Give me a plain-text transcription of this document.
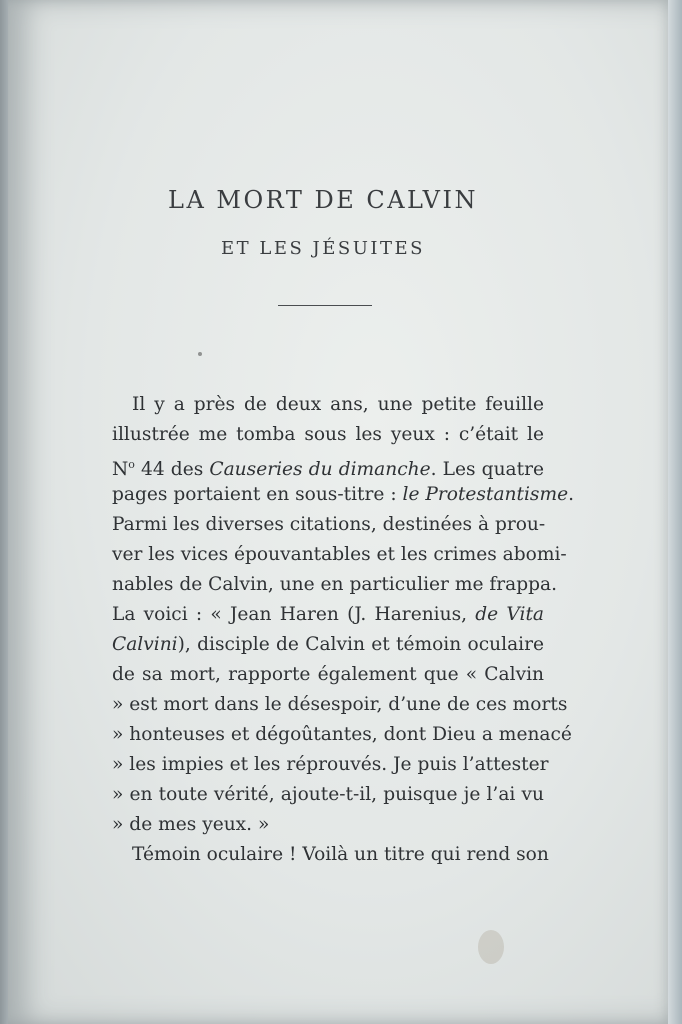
LA MORT DE CALVIN
ET LES JÉSUITES
Il y a près de deux ans, une petite feuille
illustrée me tomba sous les yeux : c’était le
$N^o$ 44 des Causeries du dimanche. Les quatre
pages portaient en sous-titre : le Protestantisme.
Parmi les diverses citations, destinées à prou-
ver les vices épouvantables et les crimes abomi-
nables de Calvin, une en particulier me frappa.
La voici : « Jean Haren (J. Harenius, de Vita
Calvini), disciple de Calvin et témoin oculaire
de sa mort, rapporte également que « Calvin
» est mort dans le désespoir, d’une de ces morts
» honteuses et dégoûtantes, dont Dieu a menacé
» les impies et les réprouvés. Je puis l’attester
» en toute vérité, ajoute-t-il, puisque je l’ai vu
» de mes yeux. »
Témoin oculaire ! Voilà un titre qui rend son
